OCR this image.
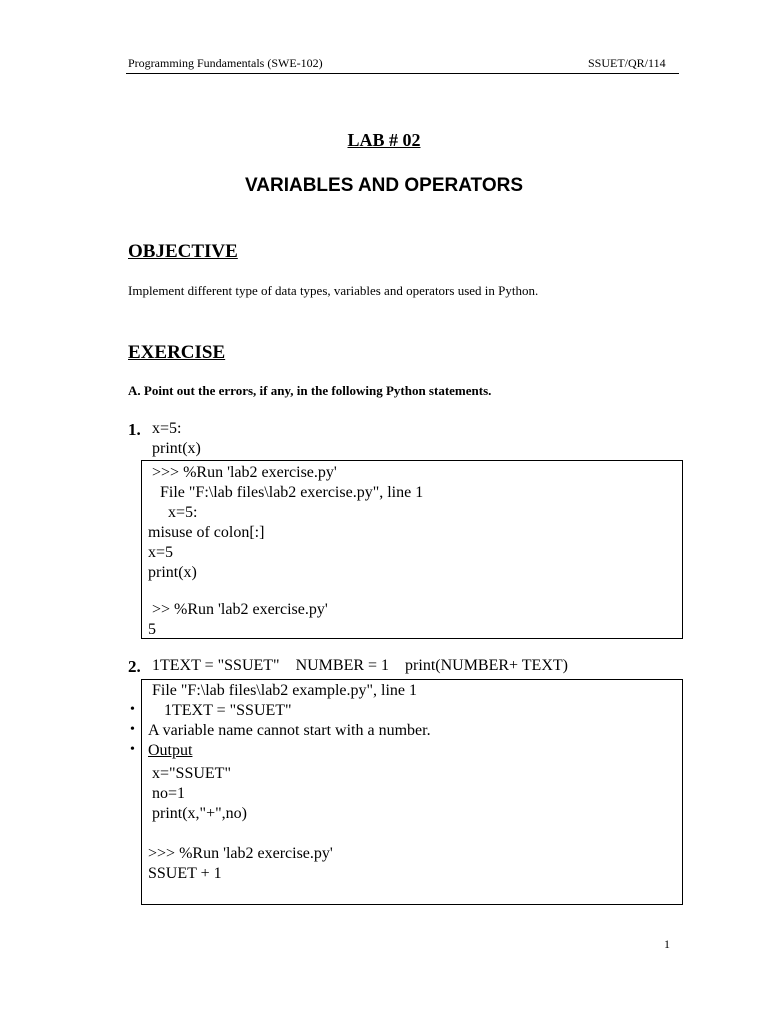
Programming Fundamentals (SWE-102)	SSUET/QR/114
LAB # 02
VARIABLES AND OPERATORS
OBJECTIVE
Implement different type of data types, variables and operators used in Python.
EXERCISE
A. Point out the errors, if any, in the following Python statements.
1. x=5:
print(x)
>>> %Run 'lab2 exercise.py'
File "F:\lab files\lab2 exercise.py", line 1
x=5:
misuse of colon[:]
x=5
print(x)
>> %Run 'lab2 exercise.py'
5
2. 1TEXT = "SSUET"    NUMBER = 1    print(NUMBER+ TEXT)
File "F:\lab files\lab2 example.py", line 1
• 1TEXT = "SSUET"
• A variable name cannot start with a number.
• Output
x="SSUET"
no=1
print(x,"+",no)
>>> %Run 'lab2 exercise.py'
SSUET + 1
1
